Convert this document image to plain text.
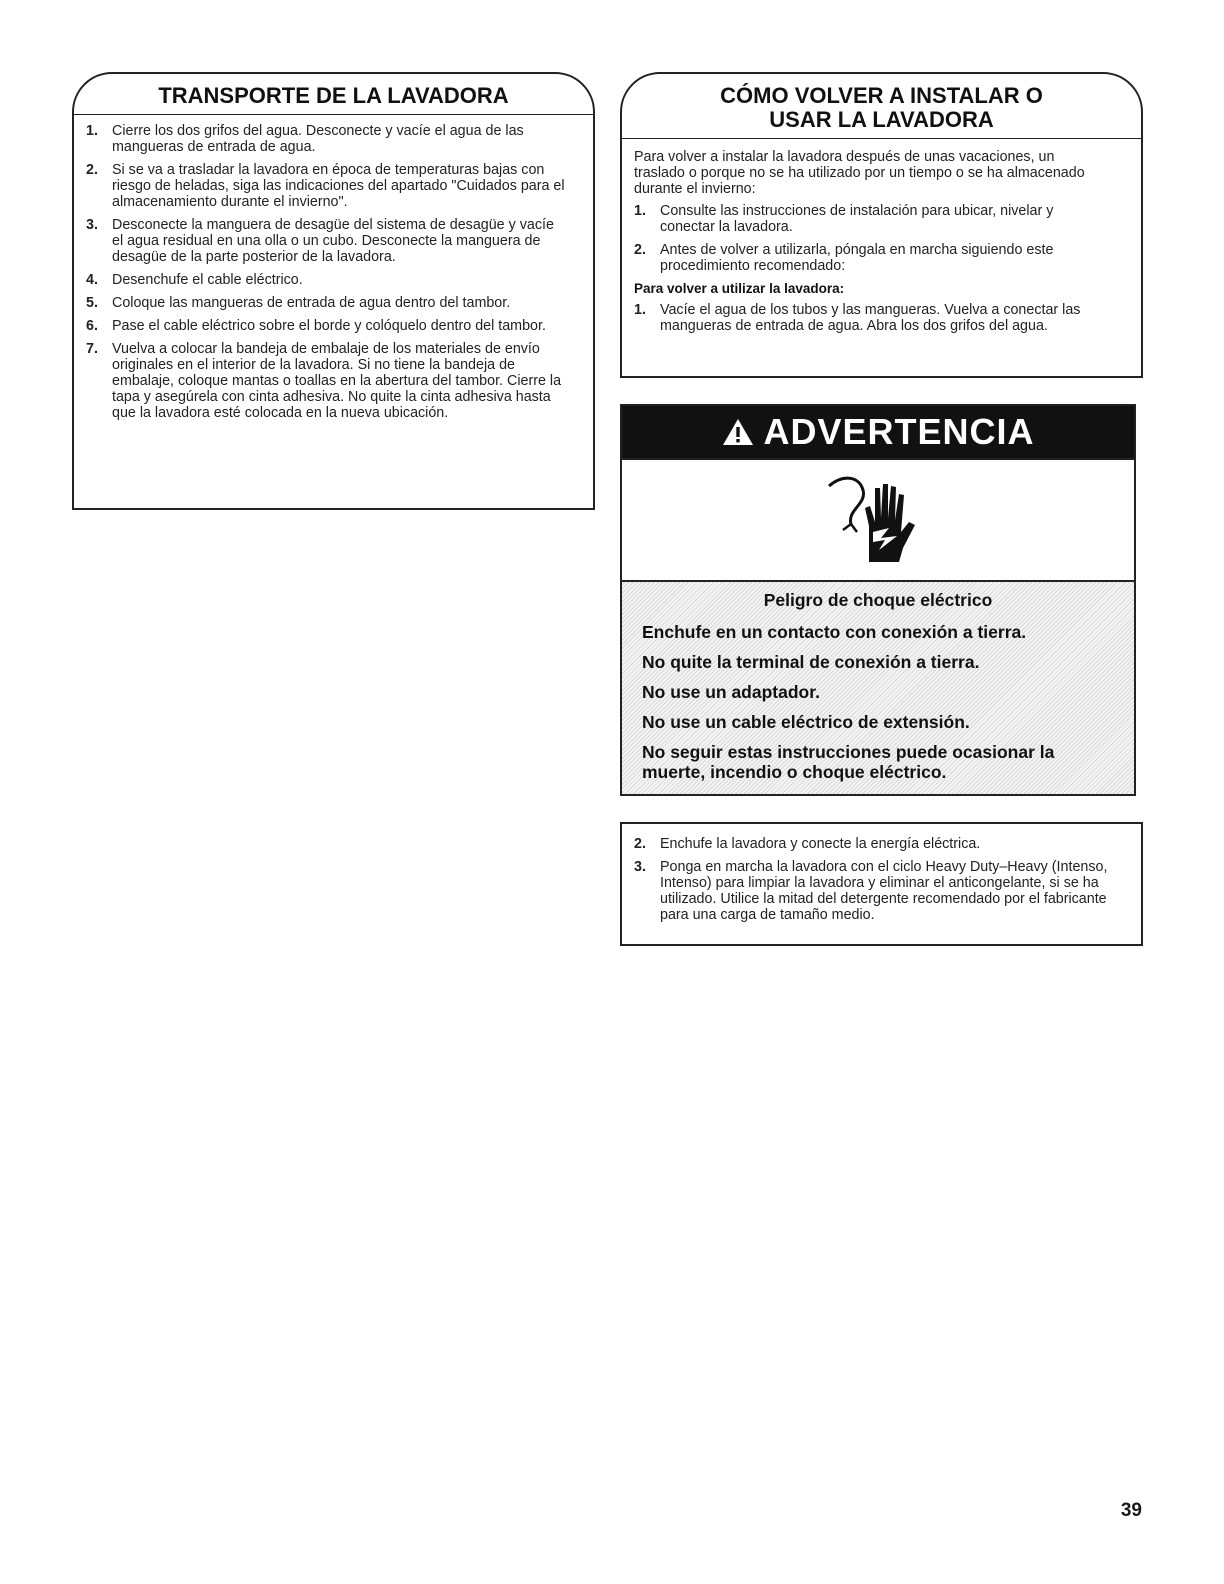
TRANSPORTE DE LA LAVADORA
1. Cierre los dos grifos del agua. Desconecte y vacíe el agua de las mangueras de entrada de agua.
2. Si se va a trasladar la lavadora en época de temperaturas bajas con riesgo de heladas, siga las indicaciones del apartado "Cuidados para el almacenamiento durante el invierno".
3. Desconecte la manguera de desagüe del sistema de desagüe y vacíe el agua residual en una olla o un cubo. Desconecte la manguera de desagüe de la parte posterior de la lavadora.
4. Desenchufe el cable eléctrico.
5. Coloque las mangueras de entrada de agua dentro del tambor.
6. Pase el cable eléctrico sobre el borde y colóquelo dentro del tambor.
7. Vuelva a colocar la bandeja de embalaje de los materiales de envío originales en el interior de la lavadora. Si no tiene la bandeja de embalaje, coloque mantas o toallas en la abertura del tambor. Cierre la tapa y asegúrela con cinta adhesiva. No quite la cinta adhesiva hasta que la lavadora esté colocada en la nueva ubicación.
CÓMO VOLVER A INSTALAR O
USAR LA LAVADORA
Para volver a instalar la lavadora después de unas vacaciones, un traslado o porque no se ha utilizado por un tiempo o se ha almacenado durante el invierno:
1. Consulte las instrucciones de instalación para ubicar, nivelar y conectar la lavadora.
2. Antes de volver a utilizarla, póngala en marcha siguiendo este procedimiento recomendado:
Para volver a utilizar la lavadora:
1. Vacíe el agua de los tubos y las mangueras. Vuelva a conectar las mangueras de entrada de agua. Abra los dos grifos del agua.
ADVERTENCIA
Peligro de choque eléctrico
Enchufe en un contacto con conexión a tierra.
No quite la terminal de conexión a tierra.
No use un adaptador.
No use un cable eléctrico de extensión.
No seguir estas instrucciones puede ocasionar la muerte, incendio o choque eléctrico.
2. Enchufe la lavadora y conecte la energía eléctrica.
3. Ponga en marcha la lavadora con el ciclo Heavy Duty–Heavy (Intenso, Intenso) para limpiar la lavadora y eliminar el anticongelante, si se ha utilizado. Utilice la mitad del detergente recomendado por el fabricante para una carga de tamaño medio.
39
